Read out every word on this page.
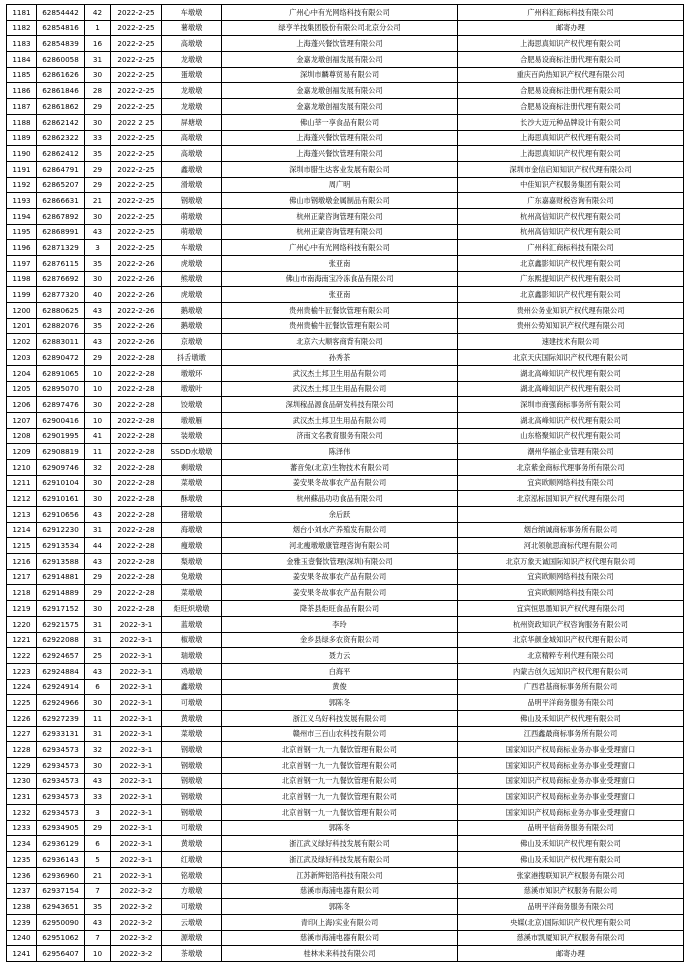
1181	62854442	42	2022-2-25	车墩墩	广州心中有光网络科技有限公司	广州科汇商标科技有限公司
1182	62854816	1	2022-2-25	薯墩墩	绿亨羊技集团股份有限公司北京分公司	邮寄办理
1183	62854839	16	2022-2-25	高墩墩	上海蓬兴餐饮管理有限公司	上海思真知识产权代理有限公司
1184	62860058	31	2022-2-25	龙墩墩	金嘉龙墩创福发展有限公司	合肥易设商标注册代理有限公司
1185	62861626	30	2022-2-25	蛋墩墩	深圳市麟尊贸易有限公司	重庆百尚热知识产权代理有限公司
1186	62861846	28	2022-2-25	龙墩墩	金嘉龙墩创福发展有限公司	合肥易设商标注册代理有限公司
1187	62861862	29	2022-2-25	龙墩墩	金嘉龙墩创福发展有限公司	合肥易设商标注册代理有限公司
1188	62862142	30	2022 2 25	屏塘墩	佛山莘一享食品有限公司	长沙大迈元种品牌设计有限公司
1189	62862322	33	2022-2-25	高墩墩	上海蓬兴餐饮管理有限公司	上海思真知识产权代理有限公司
1190	62862412	35	2022-2-25	高墩墩	上海蓬兴餐饮管理有限公司	上海思真知识产权代理有限公司
1191	62864791	29	2022-2-25	鑫墩墩	深圳市腊生达客业发展有限公司	深圳市金信启知知识产权代理有限公司
1192	62865207	29	2022-2-25	滑墩墩	周广明	中佳知识产权服务集团有限公司
1193	62866631	21	2022-2-25	钢墩墩	佛山市钢墩墩金属制品有限公司	广东嘉嘉财税咨询有限公司
1194	62867892	30	2022-2-25	萌墩墩	杭州正蒙咨询管理有限公司	杭州高信知识产权代理有限公司
1195	62868991	43	2022-2-25	萌墩墩	杭州正蒙咨询管理有限公司	杭州高信知识产权代理有限公司
1196	62871329	3	2022-2-25	车墩墩	广州心中有光网络科技有限公司	广州科汇商标科技有限公司
1197	62876115	35	2022-2-26	虎墩墩	张亚南	北京鑫影知识产权代理有限公司
1198	62876692	30	2022-2-26	熊墩墩	佛山市南海南宝冷冻食品有限公司	广东熙提知识产权代理有限公司
1199	62877320	40	2022-2-26	虎墩墩	张亚南	北京鑫影知识产权代理有限公司
1200	62880625	43	2022-2-26	鹅墩墩	贵州贵榆牛匠餐饮管理有限公司	贵州公务业知识产权代理有限公司
1201	62882076	35	2022-2-26	鹅墩墩	贵州贵榆牛匠餐饮管理有限公司	贵州公势知知识产权代理有限公司
1202	62883011	43	2022-2-26	京墩墩	北京六大顺客商背有限公司	速建技术有限公司
1203	62890472	29	2022-2-28	抖舌墩墩	孙秀茶	北京天庆国际知识产权代理有限公司
1204	62891065	10	2022-2-28	墩墩环	武汉杰土邦卫生用品有限公司	湖北高峰知识产权代理有限公司
1205	62895070	10	2022-2-28	墩墩叶	武汉杰土邦卫生用品有限公司	湖北高峰知识产权代理有限公司
1206	62897476	30	2022-2-28	饺墩墩	深圳稼品源食品研发科技有限公司	深圳市商强商标事务所有限公司
1207	62900416	10	2022-2-28	墩墩雁	武汉杰土邦卫生用品有限公司	湖北高峰知识产权代理有限公司
1208	62901995	41	2022-2-28	装墩墩	济南文名教育服务有限公司	山东格聚知识产权代理有限公司
1209	62908819	11	2022-2-28	SSDD水墩墩	陈泽伟	潮州华福企业管理有限公司
1210	62909746	32	2022-2-28	剩墩墩	蕃音兔(北京)生物技术有限公司	北京紫金商标代理事务所有限公司
1211	62910104	30	2022-2-28	菜墩墩	姜安果冬故事农产品有限公司	宜宾欧顺网络科技有限公司
1212	62910161	30	2022-2-28	酥墩墩	杭州蘇品功功食品有限公司	北京泓标国知识产权代理有限公司
1213	62910656	43	2022-2-28	猪墩墩	余后跃	
1214	62912230	31	2022-2-28	海墩墩	烟台小刘水产养殖发有限公司	烟台纳诚商标事务所有限公司
1215	62913534	44	2022-2-28	瘦墩墩	河北瘦墩墩康管理咨询有限公司	河北领航思商标代理有限公司
1216	62913588	43	2022-2-28	梨墩墩	金雅玉壹餐饮管理(深圳)有限公司	北京万象天诚国际知识产权代理有限公司
1217	62914881	29	2022-2-28	兔墩墩	姜安果冬故事农产品有限公司	宜宾欧顺网络科技有限公司
1218	62914889	29	2022-2-28	菜墩墩	姜安果冬故事农产品有限公司	宜宾欧顺网络科技有限公司
1219	62917152	30	2022-2-28	炬旺炽墩墩	降茶县炬旺食品有限公司	宜宾恒思墨知识产权代理有限公司
1220	62921575	31	2022-3-1	蓝墩墩	李玲	杭州资政知识产权咨询服务有限公司
1221	62922088	31	2022-3-1	椒墩墩	金乡县绿多农资有限公司	北京华颜金城知识产权代理有限公司
1222	62924657	25	2022-3-1	瑞墩墩	聂力云	北京精粹专利代理有限公司
1223	62924884	43	2022-3-1	鸡墩墩	白海平	内蒙古创久远知识产权代理有限公司
1224	62924914	6	2022-3-1	鑫墩墩	黄俊	广西君基商标事务所有限公司
1225	62924966	30	2022-3-1	可墩墩	郭陈冬	品明平洋商务服务有限公司
1226	62927239	11	2022-3-1	黄墩墩	浙江义乌好科技发展有限公司	佛山及禾知识产权代理有限公司
1227	62933131	31	2022-3-1	菜墩墩	赣州市三百山农科技有限公司	江西鑫最商标事务所有限公司
1228	62934573	32	2022-3-1	钢墩墩	北京首钢一九一九餐饮管理有限公司	国家知识产权局商标业务办事业受理窗口
1229	62934573	30	2022-3-1	钢墩墩	北京首钢一九一九餐饮管理有限公司	国家知识产权局商标业务办事业受理窗口
1230	62934573	43	2022-3-1	钢墩墩	北京首钢一九一九餐饮管理有限公司	国家知识产权局商标业务办事业受理窗口
1231	62934573	33	2022-3-1	钢墩墩	北京首钢一九一九餐饮管理有限公司	国家知识产权局商标业务办事业受理窗口
1232	62934573	3	2022-3-1	钢墩墩	北京首钢一九一九餐饮管理有限公司	国家知识产权局商标业务办事业受理窗口
1233	62934905	29	2022-3-1	可墩墩	郭陈冬	品明平信商务服务有限公司
1234	62936129	6	2022-3-1	黄墩墩	浙江武义绿好科技发展有限公司	佛山及禾知识产权代理有限公司
1235	62936143	5	2022-3-1	红墩墩	浙江武及绿好科技发展有限公司	佛山及禾知识产权代理有限公司
1236	62936960	21	2022-3-1	铭墩墩	江苏新辉铝箔科技有限公司	张家港搜联知识产权服务有限公司
1237	62937154	7	2022-3-2	方墩墩	慈溪市海浦电器有限公司	慈溪市知识产权服务有限公司
1238	62943651	35	2022-3-2	可墩墩	郭陈冬	品明平洋商务服务有限公司
1239	62950090	43	2022-3-2	云墩墩	青印(上海)实业有限公司	央媒(北京)国际知识产权代理有限公司
1240	62951062	7	2022-3-2	源墩墩	慈溪市海浦电器有限公司	慈溪市凯厦知识产权服务有限公司
1241	62956407	10	2022-3-2	茶墩墩	桂林未来科技有限公司	邮寄办理
